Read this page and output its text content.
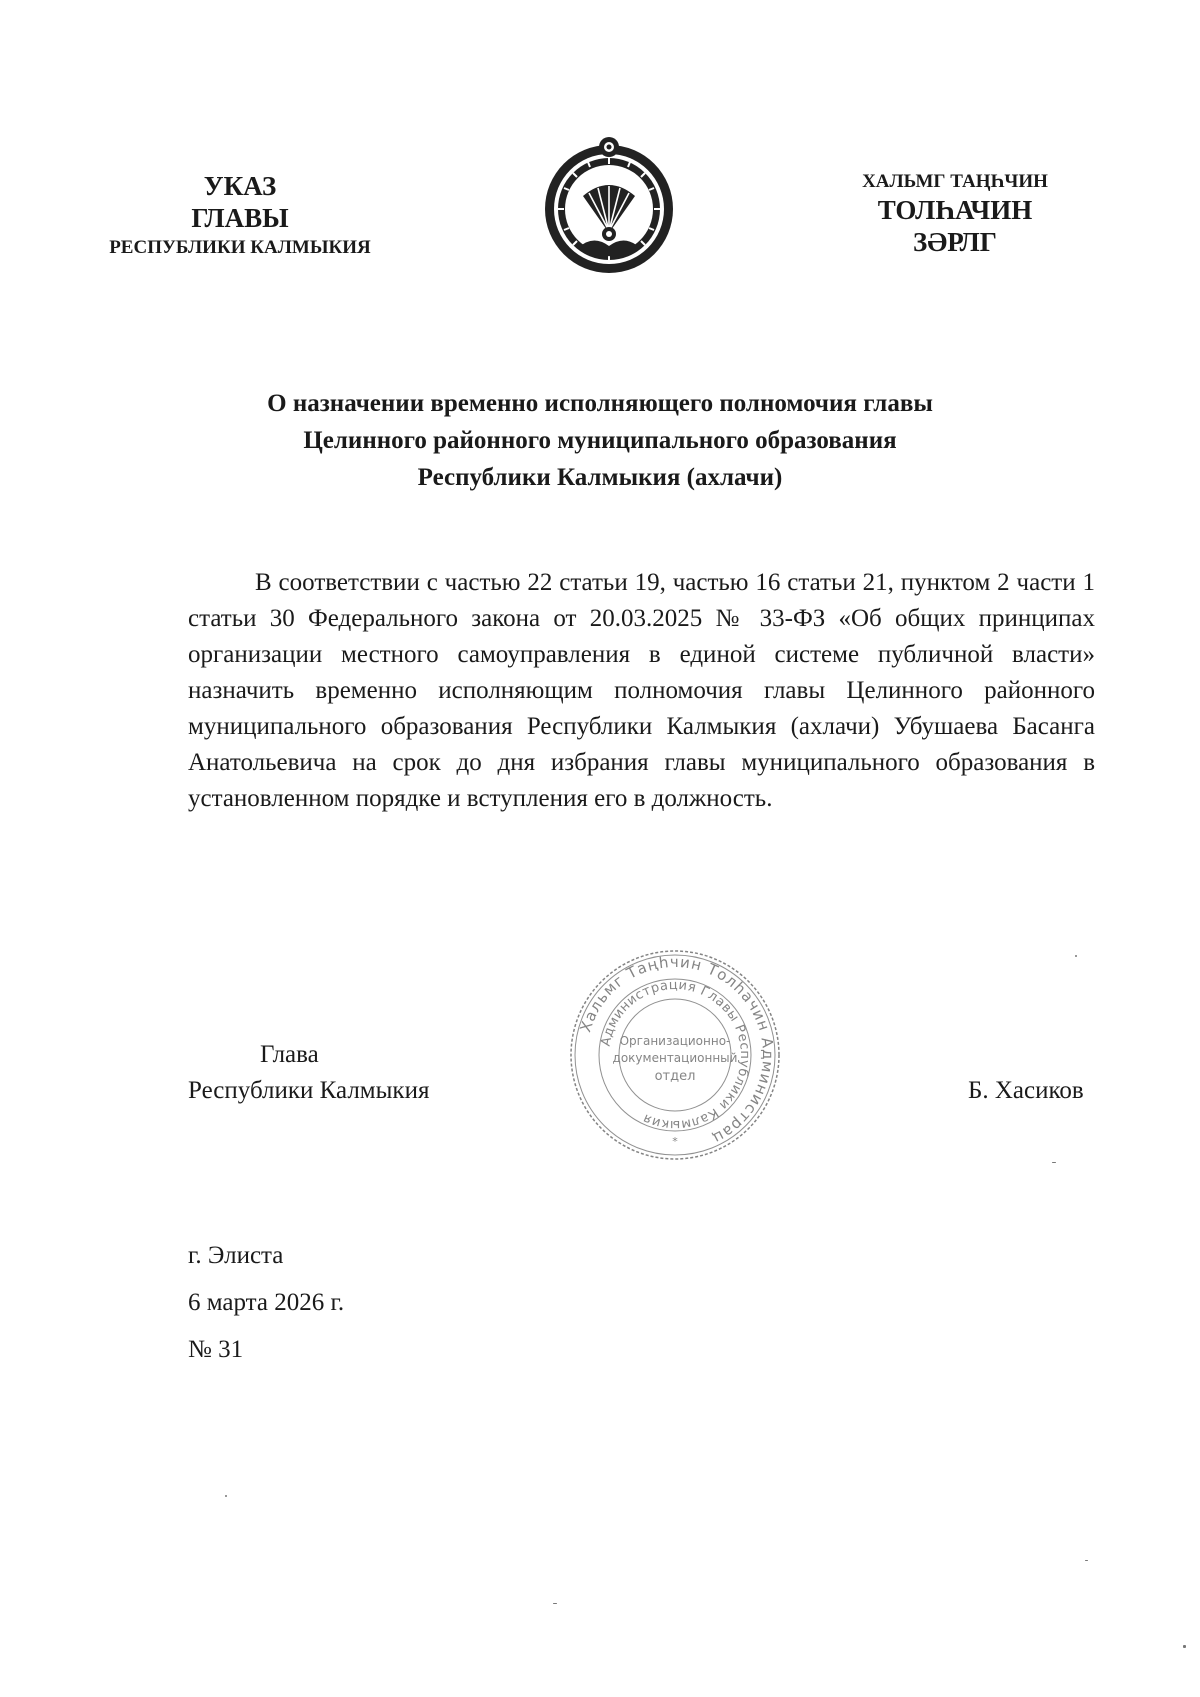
УКАЗ
ГЛАВЫ
РЕСПУБЛИКИ КАЛМЫКИЯ
ХАЛЬМГ ТАҢҺЧИН
ТОЛҺАЧИН
ЗӘРЛГ
О назначении временно исполняющего полномочия главы
Целинного районного муниципального образования
Республики Калмыкия (ахлачи)

В соответствии с частью 22 статьи 19, частью 16 статьи 21, пунктом 2 части 1 статьи 30 Федерального закона от 20.03.2025 № 33-ФЗ «Об общих принципах организации местного самоуправления в единой системе публичной власти» назначить временно исполняющим полномочия главы Целинного районного муниципального образования Республики Калмыкия (ахлачи) Убушаева Басанга Анатольевича на срок до дня избрания главы муниципального образования в установленном порядке и вступления его в должность.

Глава
Республики Калмыкия
Хальмг Таңһчин Толһачин Администрац
Администрация Главы Республики Калмыкия
Организационно-
документационный
отдел
*
Б. Хасиков
г. Элиста
6 марта 2026 г.
№ 31
